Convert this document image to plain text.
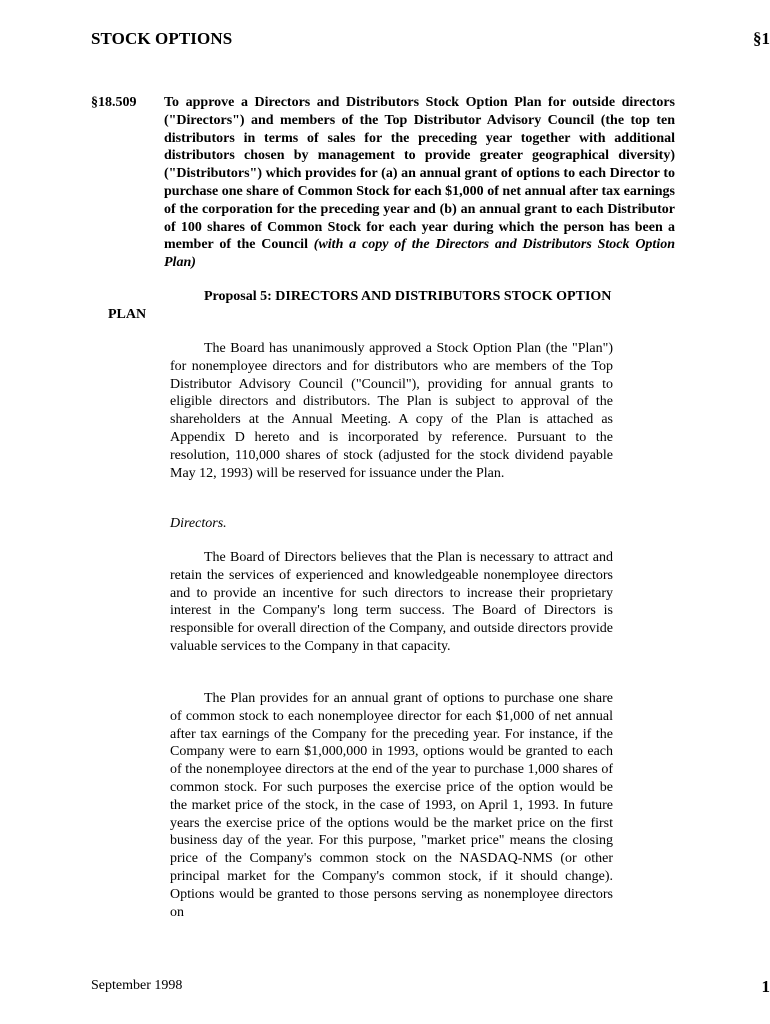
STOCK OPTIONS	§1
§18.509 To approve a Directors and Distributors Stock Option Plan for outside directors ("Directors") and members of the Top Distributor Advisory Council (the top ten distributors in terms of sales for the preceding year together with additional distributors chosen by management to provide greater geographical diversity) ("Distributors") which provides for (a) an annual grant of options to each Director to purchase one share of Common Stock for each $1,000 of net annual after tax earnings of the corporation for the preceding year and (b) an annual grant to each Distributor of 100 shares of Common Stock for each year during which the person has been a member of the Council (with a copy of the Directors and Distributors Stock Option Plan)
Proposal 5: DIRECTORS AND DISTRIBUTORS STOCK OPTION
PLAN
The Board has unanimously approved a Stock Option Plan (the "Plan") for nonemployee directors and for distributors who are members of the Top Distributor Advisory Council ("Council"), providing for annual grants to eligible directors and distributors. The Plan is subject to approval of the shareholders at the Annual Meeting. A copy of the Plan is attached as Appendix D hereto and is incorporated by reference. Pursuant to the resolution, 110,000 shares of stock (adjusted for the stock dividend payable May 12, 1993) will be reserved for issuance under the Plan.
Directors.
The Board of Directors believes that the Plan is necessary to attract and retain the services of experienced and knowledgeable nonemployee directors and to provide an incentive for such directors to increase their proprietary interest in the Company's long term success. The Board of Directors is responsible for overall direction of the Company, and outside directors provide valuable services to the Company in that capacity.
The Plan provides for an annual grant of options to purchase one share of common stock to each nonemployee director for each $1,000 of net annual after tax earnings of the Company for the preceding year. For instance, if the Company were to earn $1,000,000 in 1993, options would be granted to each of the nonemployee directors at the end of the year to purchase 1,000 shares of common stock. For such purposes the exercise price of the option would be the market price of the stock, in the case of 1993, on April 1, 1993. In future years the exercise price of the options would be the market price on the first business day of the year. For this purpose, "market price" means the closing price of the Company's common stock on the NASDAQ-NMS (or other principal market for the Company's common stock, if it should change). Options would be granted to those persons serving as nonemployee directors on
September 1998	1
